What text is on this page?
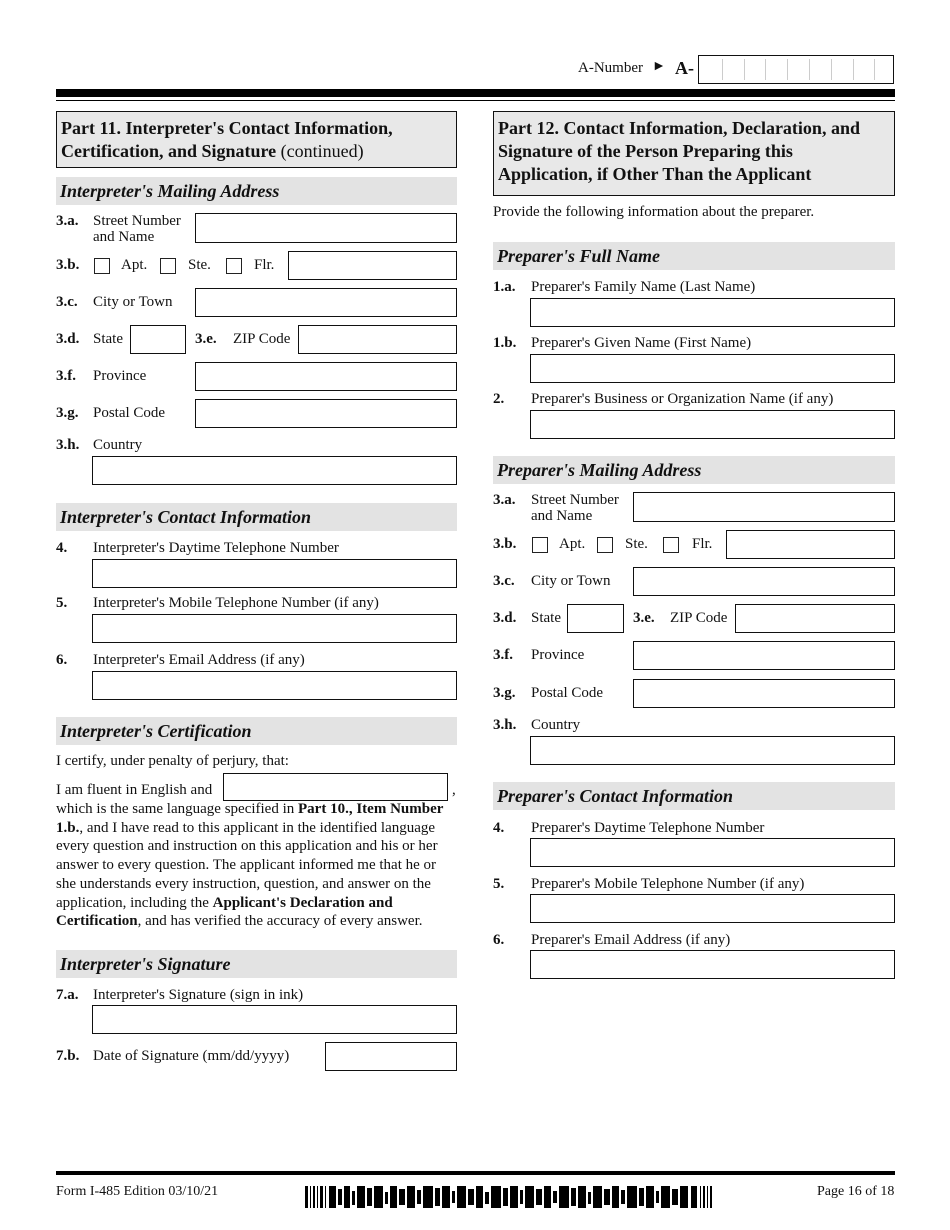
A-Number ► A-
Part 11. Interpreter's Contact Information, Certification, and Signature (continued)
Interpreter's Mailing Address
3.a. Street Number
and Name
3.b.	Apt.	Ste.	Flr.
3.c. City or Town
3.d. State	3.e. ZIP Code
3.f. Province
3.g. Postal Code
3.h. Country
Interpreter's Contact Information
4. Interpreter's Daytime Telephone Number
5. Interpreter's Mobile Telephone Number (if any)
6. Interpreter's Email Address (if any)
Interpreter's Certification
I certify, under penalty of perjury, that:
I am fluent in English and	,
which is the same language specified in Part 10., Item Number
1.b., and I have read to this applicant in the identified language
every question and instruction on this application and his or her
answer to every question. The applicant informed me that he or
she understands every instruction, question, and answer on the
application, including the Applicant's Declaration and
Certification, and has verified the accuracy of every answer.
Interpreter's Signature
7.a. Interpreter's Signature (sign in ink)
7.b. Date of Signature (mm/dd/yyyy)
Part 12. Contact Information, Declaration, and Signature of the Person Preparing this Application, if Other Than the Applicant
Provide the following information about the preparer.
Preparer's Full Name
1.a. Preparer's Family Name (Last Name)
1.b. Preparer's Given Name (First Name)
2. Preparer's Business or Organization Name (if any)
Preparer's Mailing Address
3.a. Street Number
and Name
3.b.	Apt.	Ste.	Flr.
3.c. City or Town
3.d. State	3.e. ZIP Code
3.f. Province
3.g. Postal Code
3.h. Country
Preparer's Contact Information
4. Preparer's Daytime Telephone Number
5. Preparer's Mobile Telephone Number (if any)
6. Preparer's Email Address (if any)
Form I-485 Edition 03/10/21	Page 16 of 18
